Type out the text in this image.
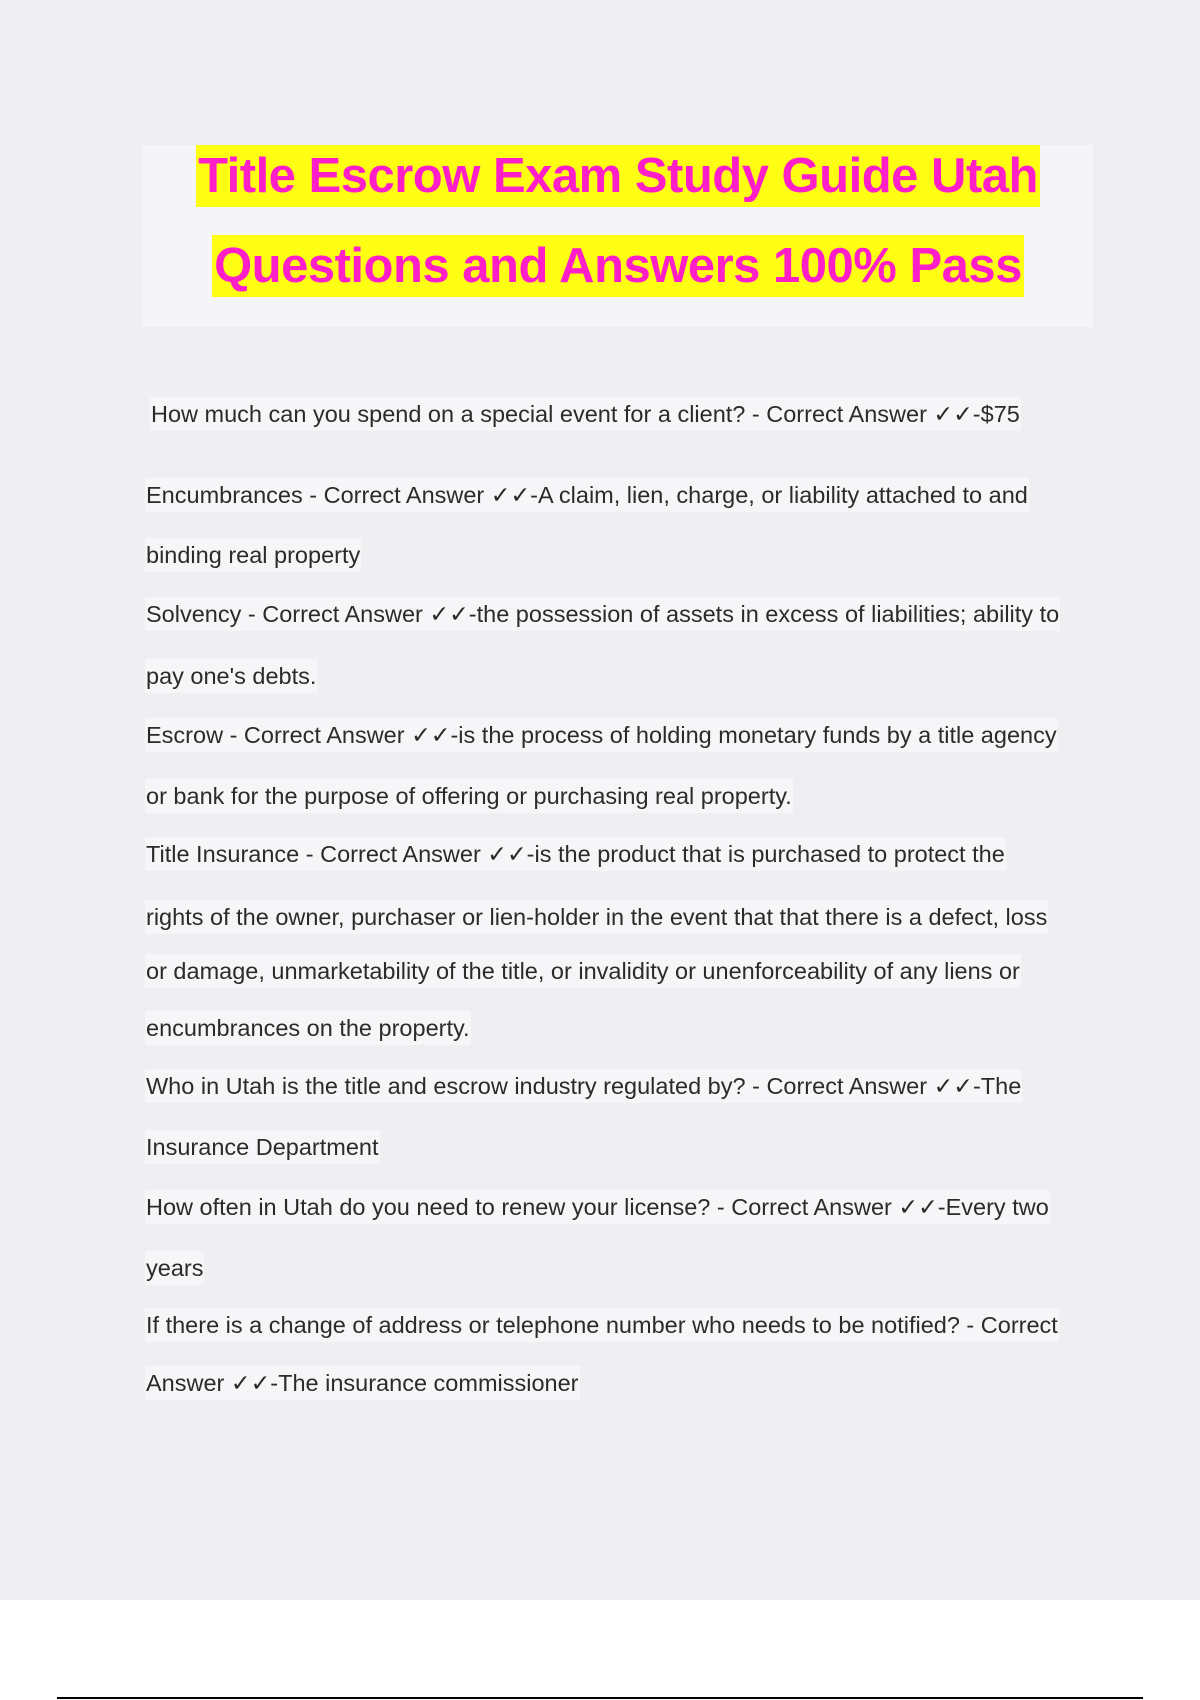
Title Escrow Exam Study Guide Utah
Questions and Answers 100% Pass
How much can you spend on a special event for a client? - Correct Answer ✓✓-$75
Encumbrances - Correct Answer ✓✓-A claim, lien, charge, or liability attached to and
binding real property
Solvency - Correct Answer ✓✓-the possession of assets in excess of liabilities; ability to
pay one's debts.
Escrow - Correct Answer ✓✓-is the process of holding monetary funds by a title agency
or bank for the purpose of offering or purchasing real property.
Title Insurance - Correct Answer ✓✓-is the product that is purchased to protect the
rights of the owner, purchaser or lien-holder in the event that that there is a defect, loss
or damage, unmarketability of the title, or invalidity or unenforceability of any liens or
encumbrances on the property.
Who in Utah is the title and escrow industry regulated by? - Correct Answer ✓✓-The
Insurance Department
How often in Utah do you need to renew your license? - Correct Answer ✓✓-Every two
years
If there is a change of address or telephone number who needs to be notified? - Correct
Answer ✓✓-The insurance commissioner
